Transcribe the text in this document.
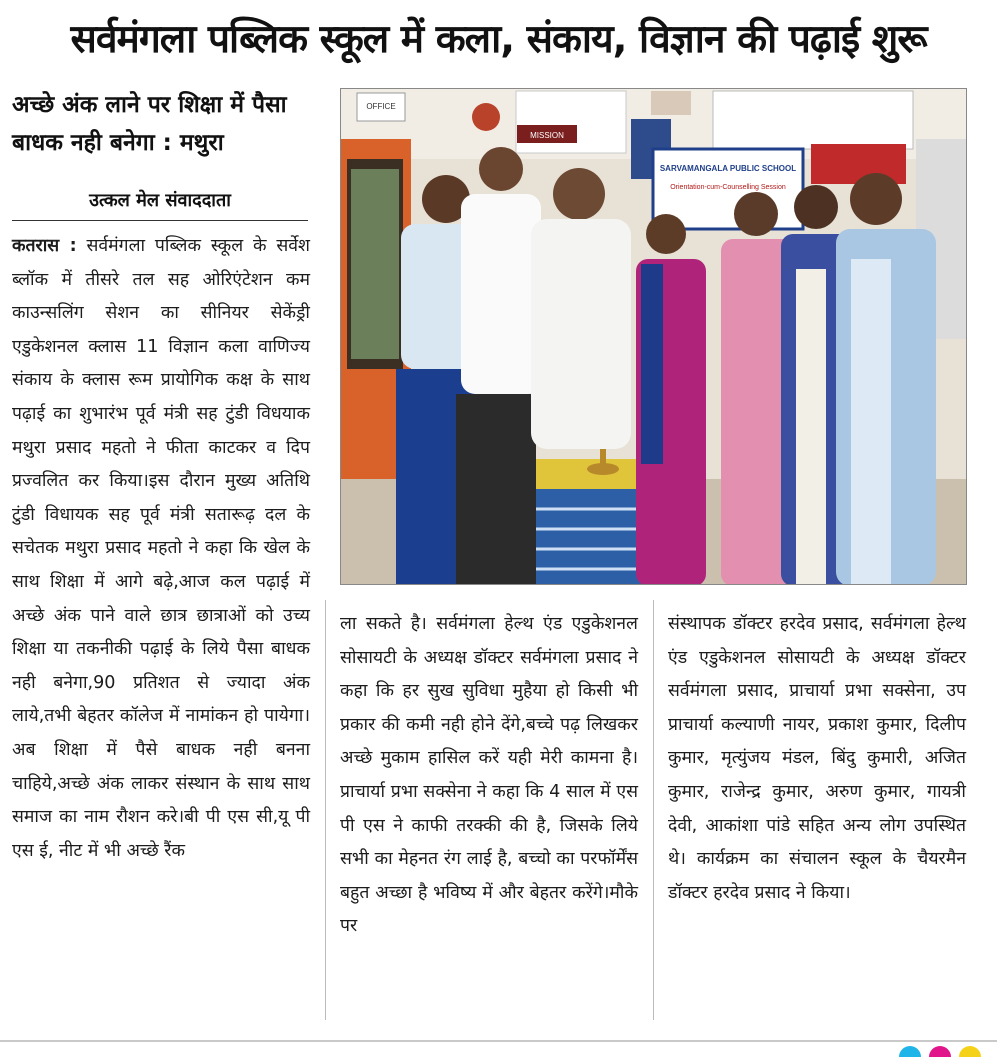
सर्वमंगला पब्लिक स्कूल में कला, संकाय, विज्ञान की पढ़ाई शुरू
अच्छे अंक लाने पर शिक्षा में पैसा बाधक नही बनेगा : मथुरा
उत्कल मेल संवाददाता
कतरास : सर्वमंगला पब्लिक स्कूल के सर्वेश ब्लॉक में तीसरे तल सह ओरिएंटेशन कम काउन्सलिंग सेशन का सीनियर सेकेंड्री एडुकेशनल क्लास 11 विज्ञान कला वाणिज्य संकाय के क्लास रूम प्रायोगिक कक्ष के साथ पढ़ाई का शुभारंभ पूर्व मंत्री सह टुंडी विधयाक मथुरा प्रसाद महतो ने फीता काटकर व दिप प्रज्वलित कर किया।इस दौरान मुख्य अतिथि टुंडी विधायक सह पूर्व मंत्री सतारूढ़ दल के सचेतक मथुरा प्रसाद महतो ने कहा कि खेल के साथ शिक्षा में आगे बढ़े,आज कल पढ़ाई में अच्छे अंक पाने वाले छात्र छात्राओं को उच्य शिक्षा या तकनीकी पढ़ाई के लिये पैसा बाधक नही बनेगा,90 प्रतिशत से ज्यादा अंक लाये,तभी बेहतर कॉलेज में नामांकन हो पायेगा।अब शिक्षा में पैसे बाधक नही बनना चाहिये,अच्छे अंक लाकर संस्थान के साथ साथ समाज का नाम रौशन करे।बी पी एस सी,यू पी एस ई, नीट में भी अच्छे रैंक
ला सकते है। सर्वमंगला हेल्थ एंड एडुकेशनल सोसायटी के अध्यक्ष डॉक्टर सर्वमंगला प्रसाद ने कहा कि हर सुख सुविधा मुहैया हो किसी भी प्रकार की कमी नही होने देंगे,बच्चे पढ़ लिखकर अच्छे मुकाम हासिल करें यही मेरी कामना है। प्राचार्या प्रभा सक्सेना ने कहा कि 4 साल में एस पी एस ने काफी तरक्की की है, जिसके लिये सभी का मेहनत रंग लाई है, बच्चो का परफॉर्मेंस बहुत अच्छा है भविष्य में और बेहतर करेंगे।मौके पर
संस्थापक डॉक्टर हरदेव प्रसाद, सर्वमंगला हेल्थ एंड एडुकेशनल सोसायटी के अध्यक्ष डॉक्टर सर्वमंगला प्रसाद, प्राचार्या प्रभा सक्सेना, उप प्राचार्या कल्याणी नायर, प्रकाश कुमार, दिलीप कुमार, मृत्युंजय मंडल, बिंदु कुमारी, अजित कुमार, राजेन्द्र कुमार, अरुण कुमार, गायत्री देवी, आकांशा पांडे सहित अन्य लोग उपस्थित थे। कार्यक्रम का संचालन स्कूल के चैयरमैन डॉक्टर हरदेव प्रसाद ने किया।
OFFICE
MISSION
SARVAMANGALA PUBLIC SCHOOL
Orientation-cum-Counselling Session
